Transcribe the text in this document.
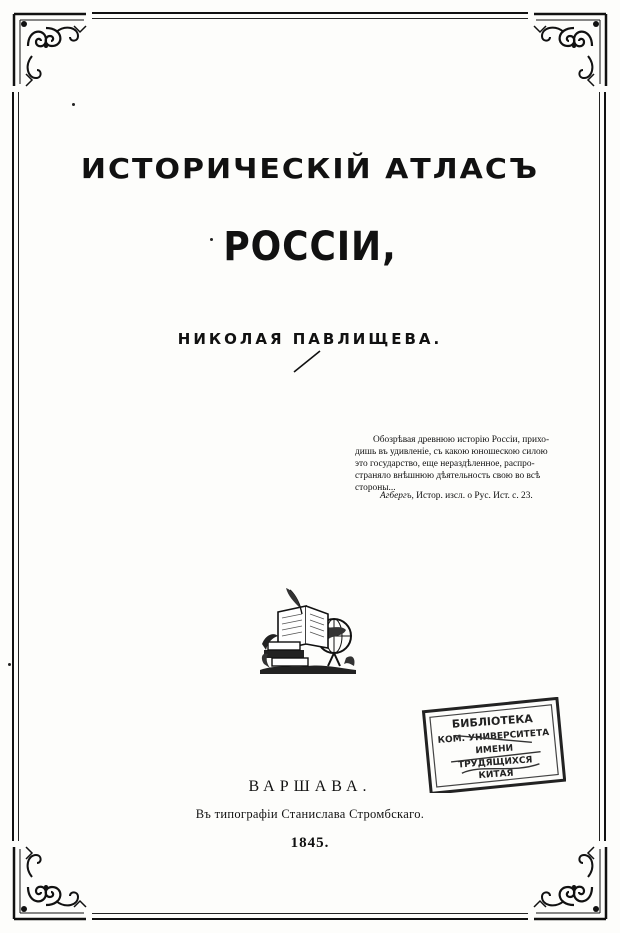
ИСТОРИЧЕСКІЙ АТЛАСЪ
РОССІИ,
НИКОЛАЯ ПАВЛИЩЕВА.
Обозрѣвая древнюю исторію Россіи, прихо-
дишь въ удивленіе, съ какою юношескою силою
это государство, еще нераздѣленное, распро-
страняло внѣшнюю дѣятельность свою во всѣ
стороны...
Агбергъ, Истор. изсл. о Рус. Ист. с. 23.
БИБЛІОТЕКА
КОМ. УНИВЕРСИТЕТА
ИМЕНИ
ТРУДЯЩИХСЯ
КИТАЯ
ВАРШАВА.
Въ типографіи Станислава Стромбскаго.
1845.
